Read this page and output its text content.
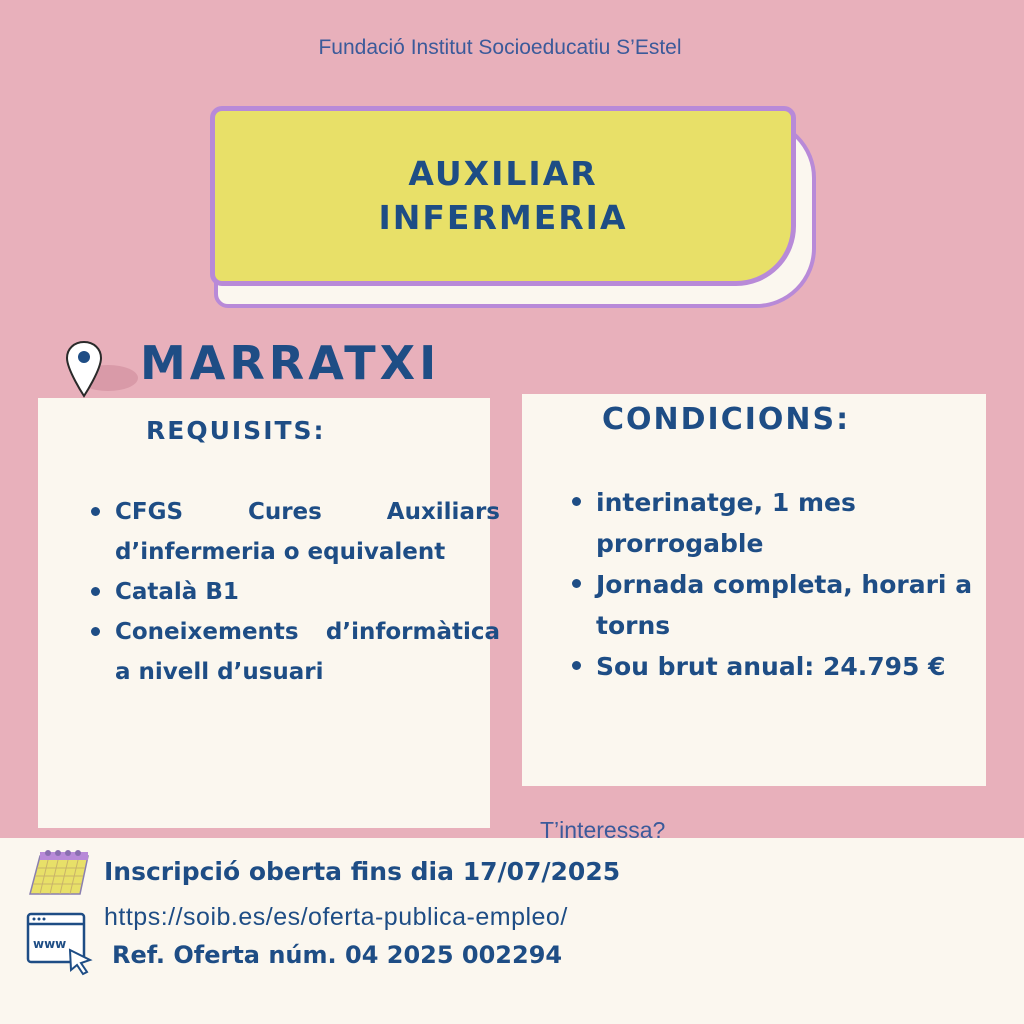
Fundació Institut Socioeducatiu S’Estel
AUXILIAR
INFERMERIA
MARRATXI
REQUISITS:
CFGS Cures Auxiliars d’infermeria o equivalent
Català B1
Coneixements d’informàtica a nivell d’usuari
CONDICIONS:
interinatge, 1 mes prorrogable
Jornada completa, horari a torns
Sou brut anual: 24.795 €
T’interessa?
Inscripció oberta fins dia 17/07/2025
www
https://soib.es/es/oferta-publica-empleo/
Ref. Oferta núm. 04 2025 002294
